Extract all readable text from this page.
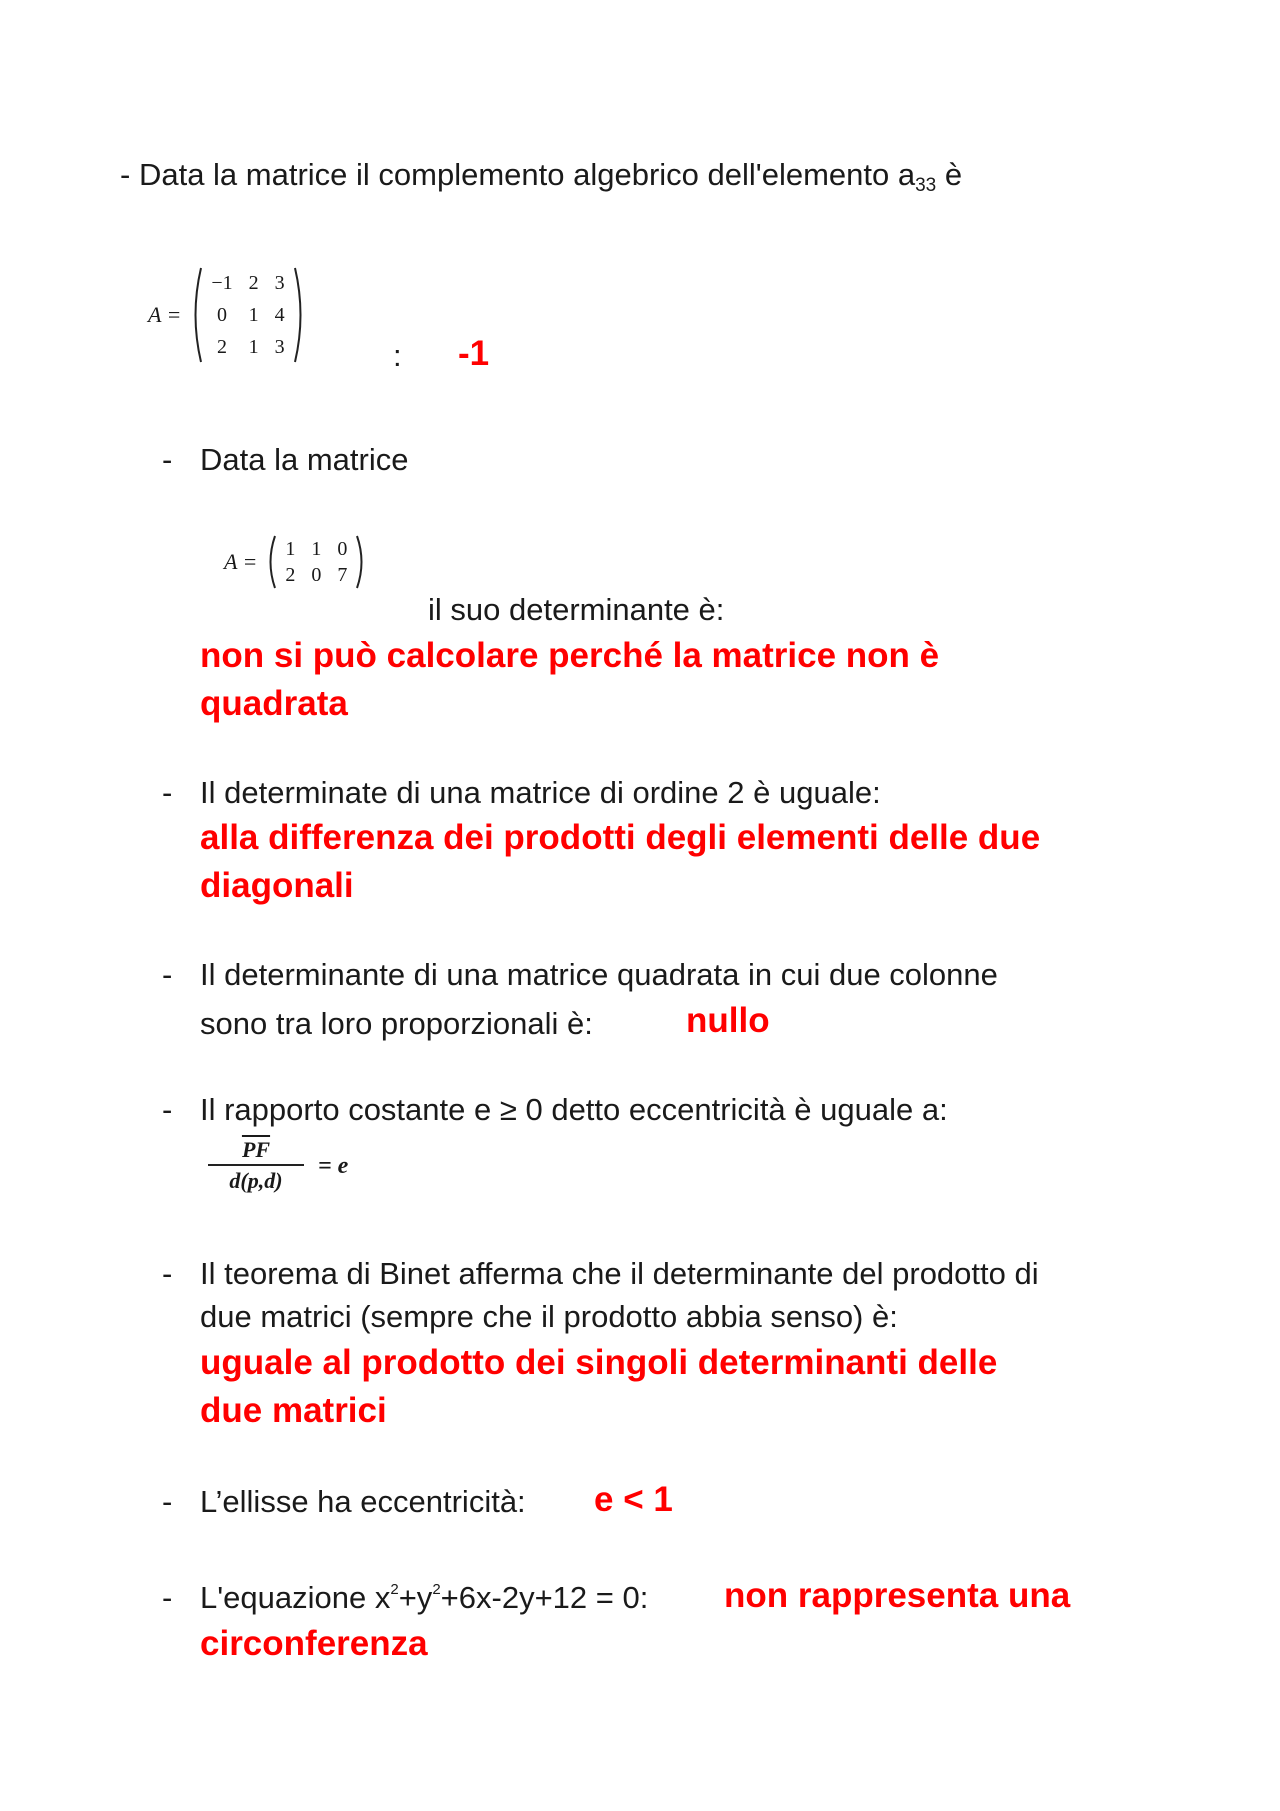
- Data la matrice il complemento algebrico dell'elemento $a_{33}$ è
A =
−1	2	3
0	1	4
2	1	3	: -1
- Data la matrice
A =
1	1	0
2	0	7
il suo determinante è:
non si può calcolare perché la matrice non è
quadrata
- Il determinate di una matrice di ordine 2 è uguale:
alla differenza dei prodotti degli elementi delle due
diagonali
- Il determinante di una matrice quadrata in cui due colonne
sono tra loro proporzionali è:	nullo
- Il rapporto costante e ≥ 0 detto eccentricità è uguale a:
$\overline{PF}$
d(p,d)
= e
- Il teorema di Binet afferma che il determinante del prodotto di
due matrici (sempre che il prodotto abbia senso) è:
uguale al prodotto dei singoli determinanti delle
due matrici
- L’ellisse ha eccentricità: e < 1
- L'equazione $x^2+y^2+6x-2y+12 = 0$: non rappresenta una
circonferenza
